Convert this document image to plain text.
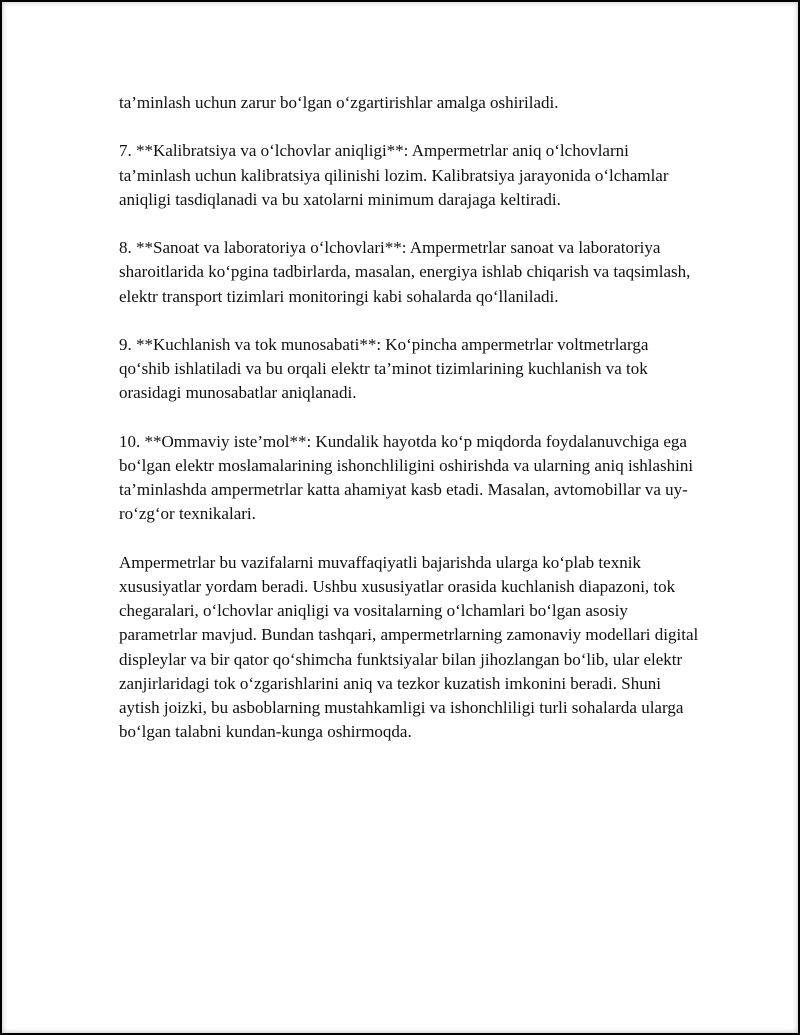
ta’minlash uchun zarur bo‘lgan o‘zgartirishlar amalga oshiriladi.

7. **Kalibratsiya va o‘lchovlar aniqligi**: Ampermetrlar aniq o‘lchovlarni ta’minlash uchun kalibratsiya qilinishi lozim. Kalibratsiya jarayonida o‘lchamlar aniqligi tasdiqlanadi va bu xatolarni minimum darajaga keltiradi.

8. **Sanoat va laboratoriya o‘lchovlari**: Ampermetrlar sanoat va laboratoriya sharoitlarida ko‘pgina tadbirlarda, masalan, energiya ishlab chiqarish va taqsimlash, elektr transport tizimlari monitoringi kabi sohalarda qo‘llaniladi.

9. **Kuchlanish va tok munosabati**: Ko‘pincha ampermetrlar voltmetrlarga qo‘shib ishlatiladi va bu orqali elektr ta’minot tizimlarining kuchlanish va tok orasidagi munosabatlar aniqlanadi.

10. **Ommaviy iste’mol**: Kundalik hayotda ko‘p miqdorda foydalanuvchiga ega bo‘lgan elektr moslamalarining ishonchliligini oshirishda va ularning aniq ishlashini ta’minlashda ampermetrlar katta ahamiyat kasb etadi. Masalan, avtomobillar va uy-ro‘zg‘or texnikalari.

Ampermetrlar bu vazifalarni muvaffaqiyatli bajarishda ularga ko‘plab texnik xususiyatlar yordam beradi. Ushbu xususiyatlar orasida kuchlanish diapazoni, tok chegaralari, o‘lchovlar aniqligi va vositalarning o‘lchamlari bo‘lgan asosiy parametrlar mavjud. Bundan tashqari, ampermetrlarning zamonaviy modellari digital displeylar va bir qator qo‘shimcha funktsiyalar bilan jihozlangan bo‘lib, ular elektr zanjirlaridagi tok o‘zgarishlarini aniq va tezkor kuzatish imkonini beradi. Shuni aytish joizki, bu asboblarning mustahkamligi va ishonchliligi turli sohalarda ularga bo‘lgan talabni kundan-kunga oshirmoqda.
